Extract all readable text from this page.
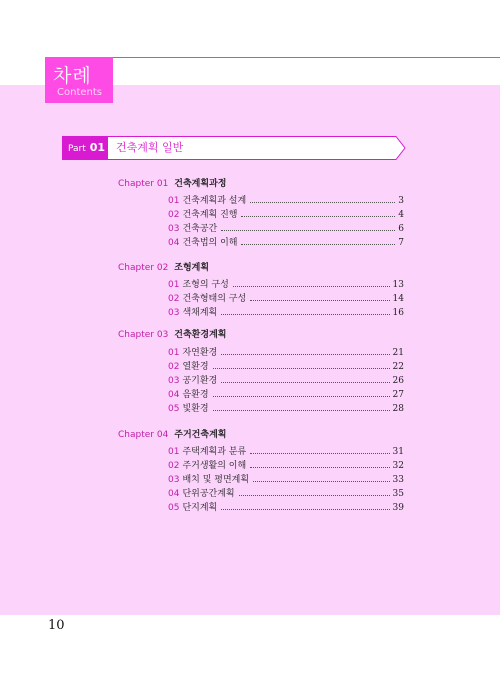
차례
Contents
Part 01 건축계획 일반
Chapter 01 건축계획과정
01 건축계획과 설계	3
02 건축계획 진행	4
03 건축공간	6
04 건축법의 이해	7
Chapter 02 조형계획
01 조형의 구성	13
02 건축형태의 구성	14
03 색채계획	16
Chapter 03 건축환경계획
01 자연환경	21
02 열환경	22
03 공기환경	26
04 음환경	27
05 빛환경	28
Chapter 04 주거건축계획
01 주택계획과 분류	31
02 주거생활의 이해	32
03 배치 및 평면계획	33
04 단위공간계획	35
05 단지계획	39
10
